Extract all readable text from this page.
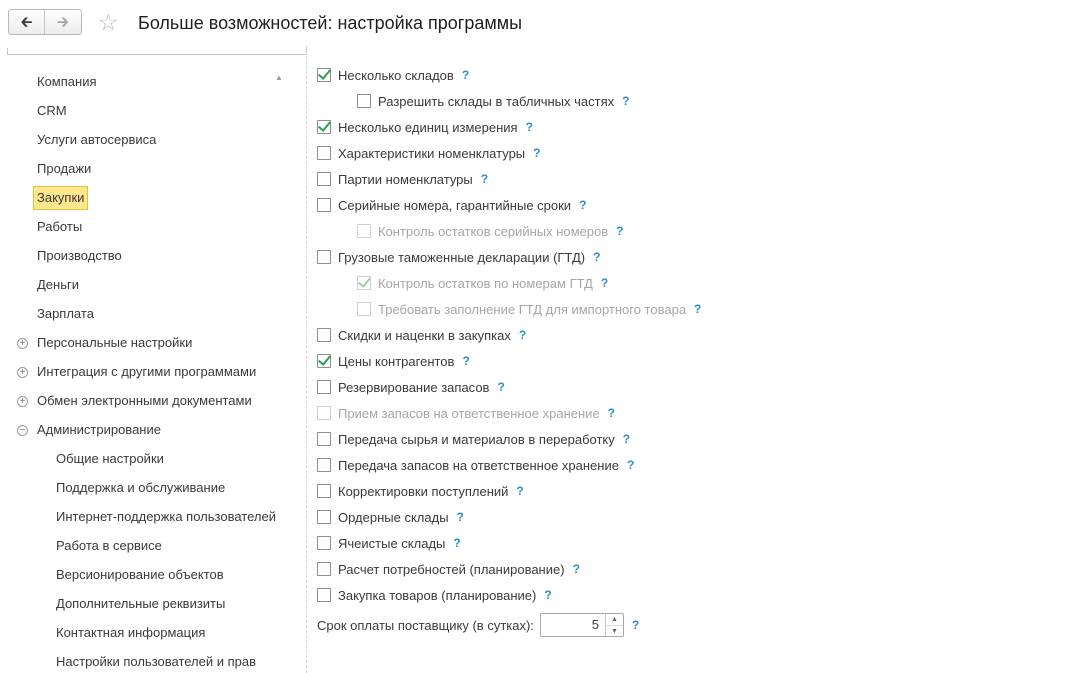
🡰 🡲 ☆ Больше возможностей: настройка программы
▲
Компания
CRM
Услуги автосервиса
Продажи
Закупки
Работы
Производство
Деньги
Зарплата
+ Персональные настройки
+ Интеграция с другими программами
+ Обмен электронными документами
− Администрирование
Общие настройки
Поддержка и обслуживание
Интернет-поддержка пользователей
Работа в сервисе
Версионирование объектов
Дополнительные реквизиты
Контактная информация
Настройки пользователей и прав
Несколько складов ?
Разрешить склады в табличных частях ?
Несколько единиц измерения ?
Характеристики номенклатуры ?
Партии номенклатуры ?
Серийные номера, гарантийные сроки ?
Контроль остатков серийных номеров ?
Грузовые таможенные декларации (ГТД) ?
Контроль остатков по номерам ГТД ?
Требовать заполнение ГТД для импортного товара ?
Скидки и наценки в закупках ?
Цены контрагентов ?
Резервирование запасов ?
Прием запасов на ответственное хранение ?
Передача сырья и материалов в переработку ?
Передача запасов на ответственное хранение ?
Корректировки поступлений ?
Ордерные склады ?
Ячеистые склады ?
Расчет потребностей (планирование) ?
Закупка товаров (планирование) ?
Срок оплаты поставщику (в сутках):	5	▲
▼	?
